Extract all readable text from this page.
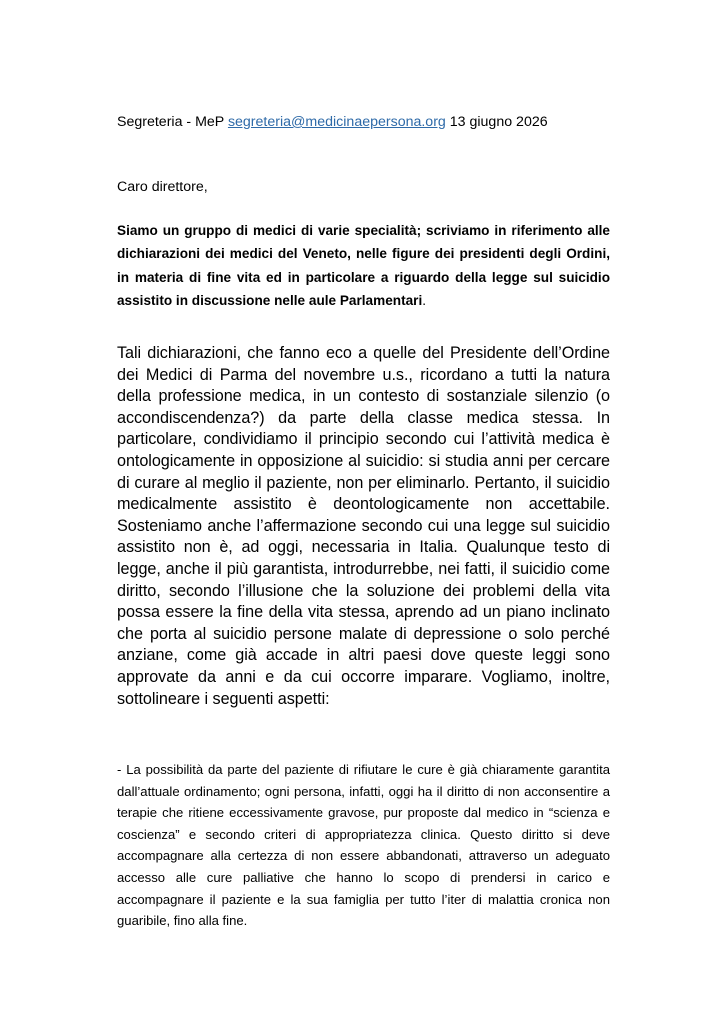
Segreteria - MeP segreteria@medicinaepersona.org 13 giugno 2026
Caro direttore,
Siamo un gruppo di medici di varie specialità; scriviamo in riferimento alle dichiarazioni dei medici del Veneto, nelle figure dei presidenti degli Ordini, in materia di fine vita ed in particolare a riguardo della legge sul suicidio assistito in discussione nelle aule Parlamentari.
Tali dichiarazioni, che fanno eco a quelle del Presidente dell’Ordine dei Medici di Parma del novembre u.s., ricordano a tutti la natura della professione medica, in un contesto di sostanziale silenzio (o accondiscendenza?) da parte della classe medica stessa. In particolare, condividiamo il principio secondo cui l’attività medica è ontologicamente in opposizione al suicidio: si studia anni per cercare di curare al meglio il paziente, non per eliminarlo. Pertanto, il suicidio medicalmente assistito è deontologicamente non accettabile. Sosteniamo anche l’affermazione secondo cui una legge sul suicidio assistito non è, ad oggi, necessaria in Italia. Qualunque testo di legge, anche il più garantista, introdurrebbe, nei fatti, il suicidio come diritto, secondo l’illusione che la soluzione dei problemi della vita possa essere la fine della vita stessa, aprendo ad un piano inclinato che porta al suicidio persone malate di depressione o solo perché anziane, come già accade in altri paesi dove queste leggi sono approvate da anni e da cui occorre imparare. Vogliamo, inoltre, sottolineare i seguenti aspetti:
- La possibilità da parte del paziente di rifiutare le cure è già chiaramente garantita dall’attuale ordinamento; ogni persona, infatti, oggi ha il diritto di non acconsentire a terapie che ritiene eccessivamente gravose, pur proposte dal medico in “scienza e coscienza” e secondo criteri di appropriatezza clinica. Questo diritto si deve accompagnare alla certezza di non essere abbandonati, attraverso un adeguato accesso alle cure palliative che hanno lo scopo di prendersi in carico e accompagnare il paziente e la sua famiglia per tutto l’iter di malattia cronica non guaribile, fino alla fine.
